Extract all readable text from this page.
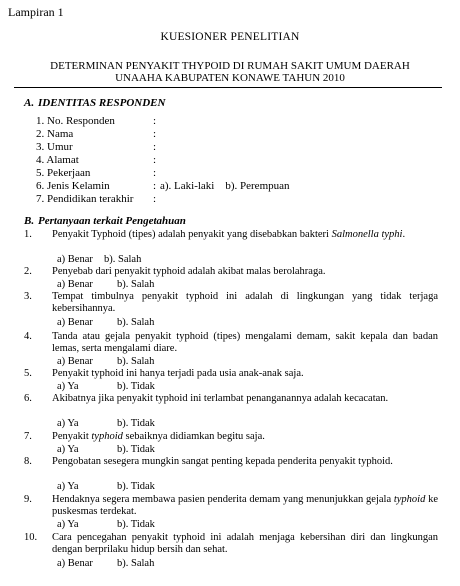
Lampiran 1
KUESIONER PENELITIAN
DETERMINAN PENYAKIT THYPOID DI RUMAH SAKIT UMUM DAERAH
UNAAHA KABUPATEN KONAWE TAHUN 2010
A. IDENTITAS RESPONDEN
1. No. Responden	:
2. Nama	:
3. Umur	:
4. Alamat	:
5. Pekerjaan	:
6. Jenis Kelamin	: a). Laki-laki    b). Perempuan
7. Pendidikan terakhir :
B. Pertanyaan terkait Pengetahuan
1.	Penyakit Typhoid (tipes) adalah penyakit yang disebabkan bakteri Salmonella typhi.
a) Benar b). Salah
2.	Penyebab dari penyakit typhoid adalah akibat malas berolahraga.
a) Benar b). Salah
3.	Tempat timbulnya penyakit typhoid ini adalah di lingkungan yang tidak terjaga kebersihannya.
a) Benar b). Salah
4.	Tanda atau gejala penyakit typhoid (tipes) mengalami demam, sakit kepala dan badan lemas, serta mengalami diare.
a) Benar b). Salah
5.	Penyakit typhoid ini hanya terjadi pada usia anak-anak saja.
a) Ya	b). Tidak
6.	Akibatnya jika penyakit typhoid ini terlambat penanganannya adalah kecacatan.
a) Ya	b). Tidak
7.	Penyakit typhoid sebaiknya didiamkan begitu saja.
a) Ya	b). Tidak
8.	Pengobatan sesegera mungkin sangat penting kepada penderita penyakit typhoid.
a) Ya	b). Tidak
9.	Hendaknya segera membawa pasien penderita demam yang menunjukkan gejala typhoid ke puskesmas terdekat.
a) Ya	b). Tidak
10.	Cara pencegahan penyakit typhoid ini adalah menjaga kebersihan diri dan lingkungan dengan berprilaku hidup bersih dan sehat.
a) Benar b). Salah
